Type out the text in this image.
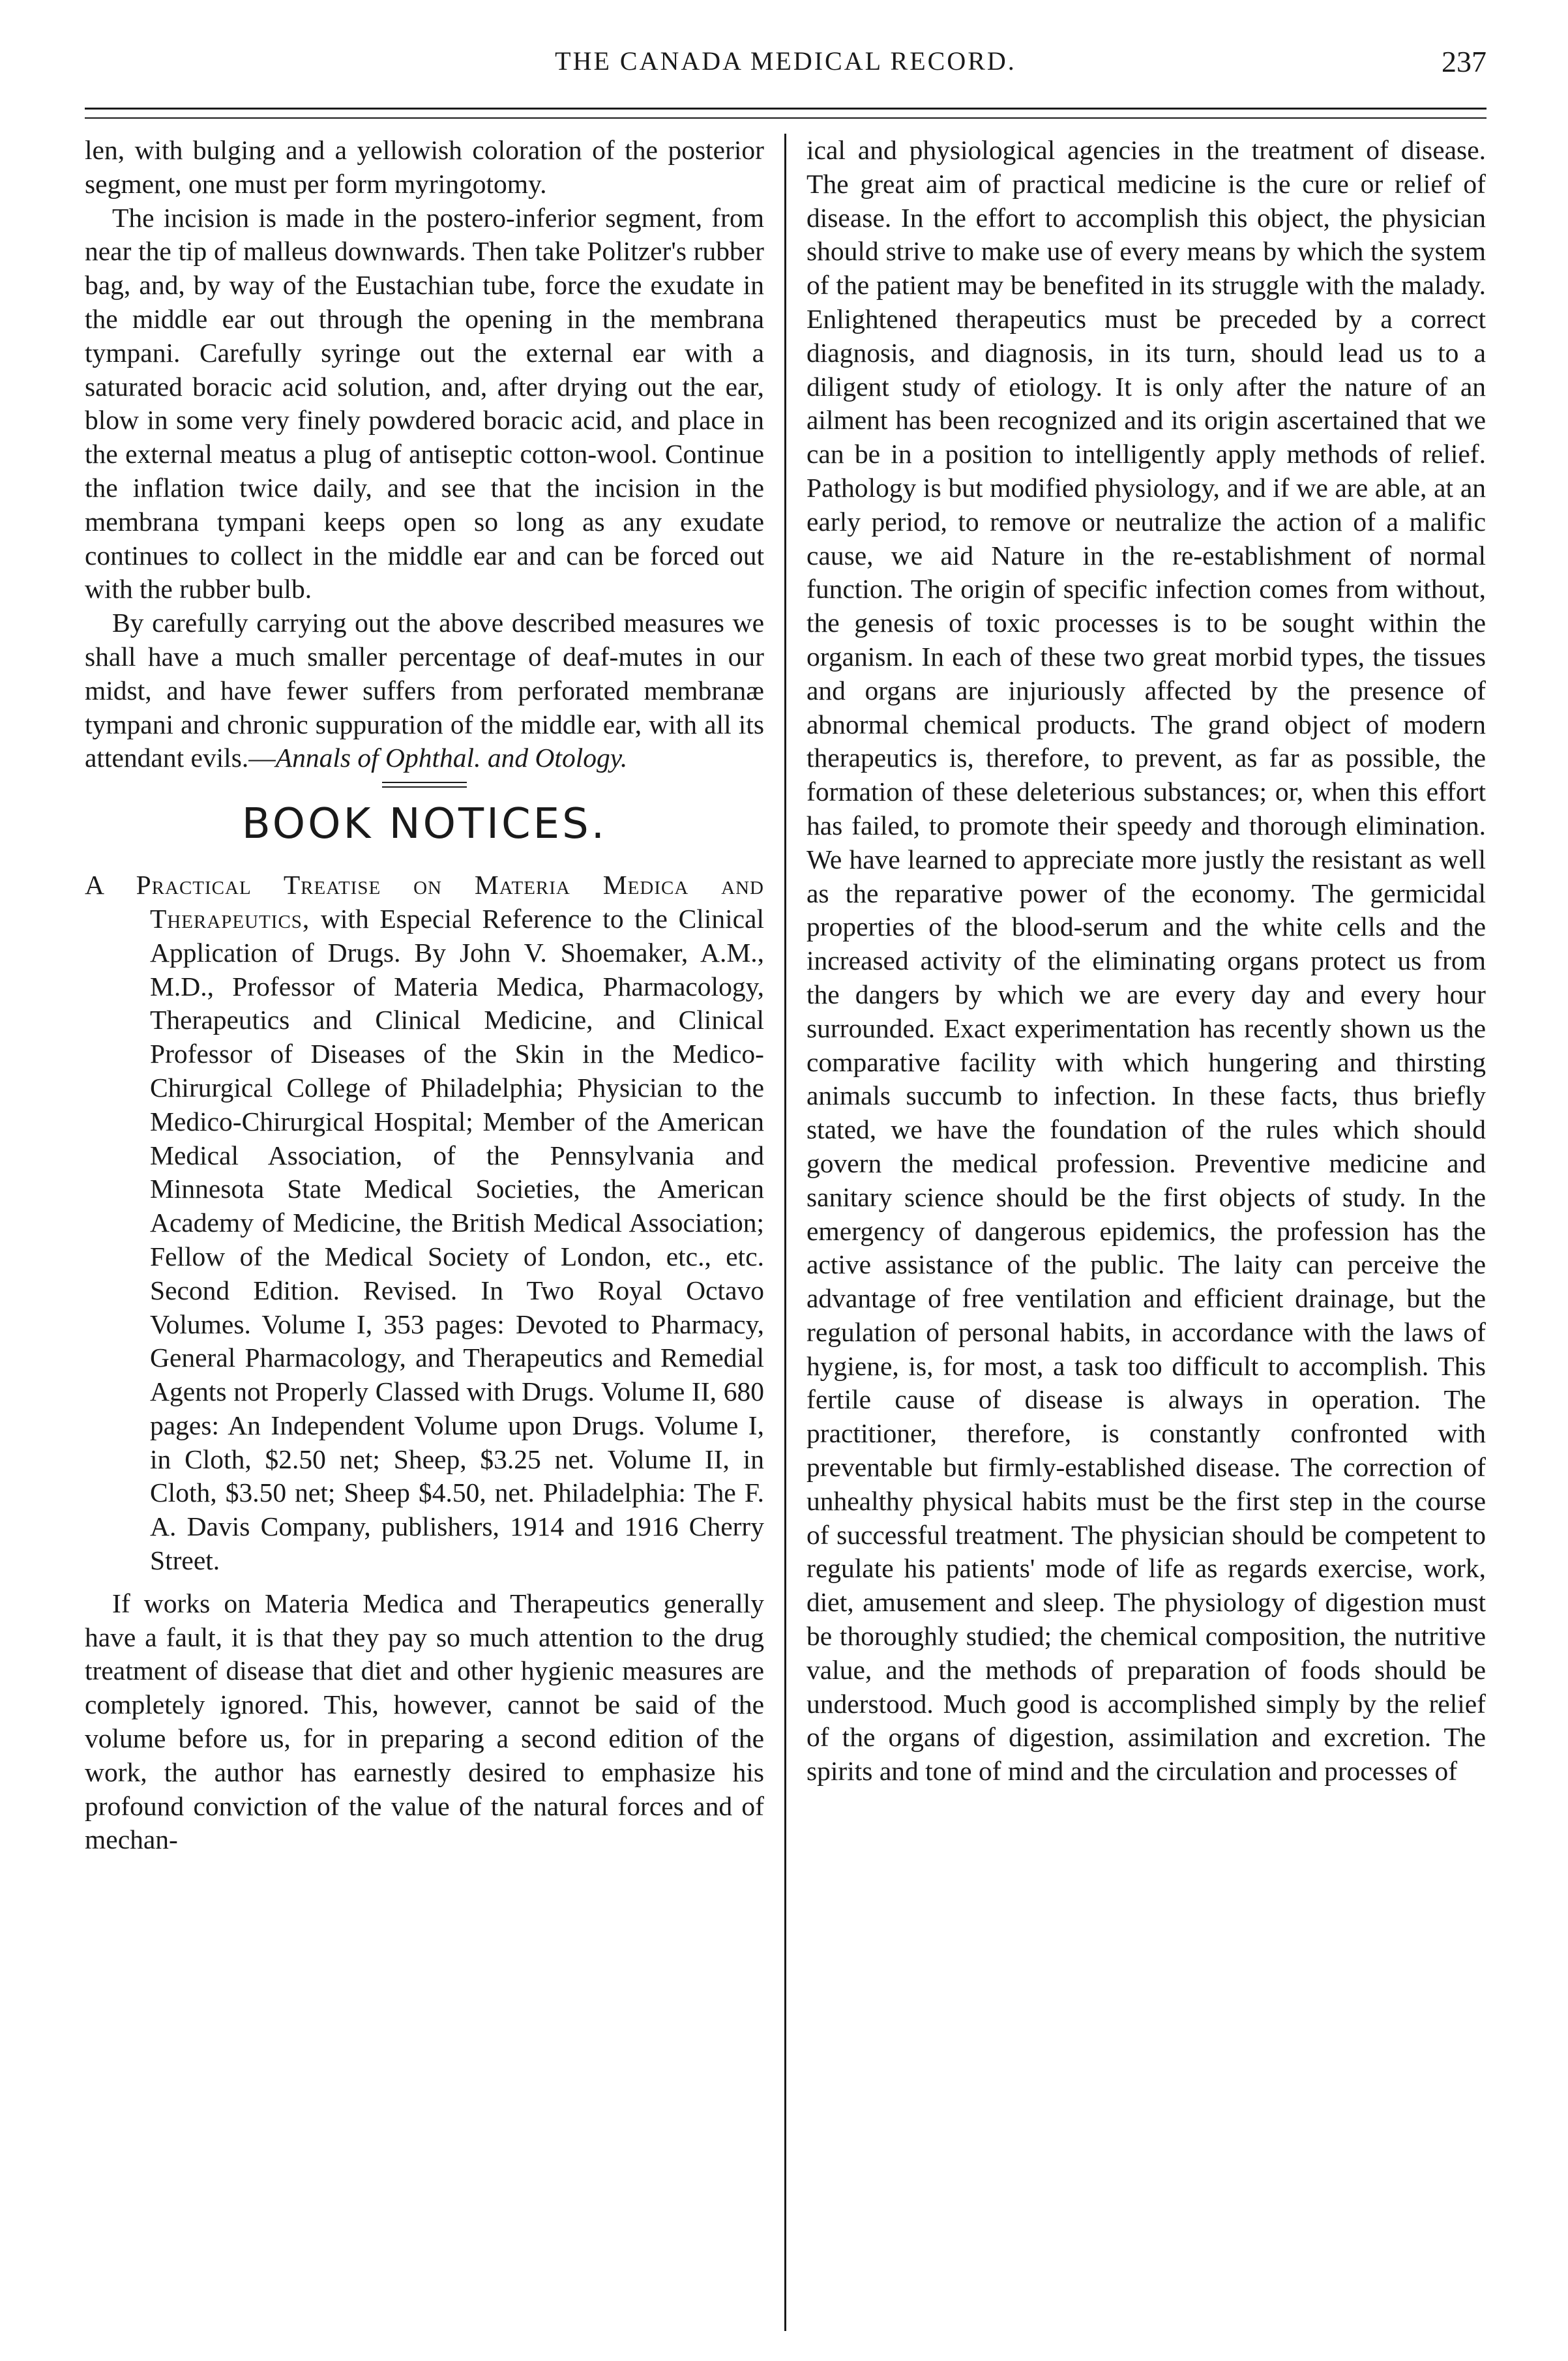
THE CANADA MEDICAL RECORD.	237

len, with bulging and a yellowish coloration of the posterior segment, one must per form myringotomy.

The incision is made in the postero-inferior segment, from near the tip of malleus downwards. Then take Politzer's rubber bag, and, by way of the Eustachian tube, force the exudate in the middle ear out through the opening in the membrana tympani. Carefully syringe out the external ear with a saturated boracic acid solution, and, after drying out the ear, blow in some very finely powdered boracic acid, and place in the external meatus a plug of antiseptic cotton-wool. Continue the inflation twice daily, and see that the incision in the membrana tympani keeps open so long as any exudate continues to collect in the middle ear and can be forced out with the rubber bulb.

By carefully carrying out the above described measures we shall have a much smaller percentage of deaf-mutes in our midst, and have fewer suffers from perforated membranæ tympani and chronic suppuration of the middle ear, with all its attendant evils.—Annals of Ophthal. and Otology.

BOOK NOTICES.

A Practical Treatise on Materia Medica and Therapeutics, with Especial Reference to the Clinical Application of Drugs. By John V. Shoemaker, A.M., M.D., Professor of Materia Medica, Pharmacology, Therapeutics and Clinical Medicine, and Clinical Professor of Diseases of the Skin in the Medico-Chirurgical College of Philadelphia; Physician to the Medico-Chirurgical Hospital; Member of the American Medical Association, of the Pennsylvania and Minnesota State Medical Societies, the American Academy of Medicine, the British Medical Association; Fellow of the Medical Society of London, etc., etc. Second Edition. Revised. In Two Royal Octavo Volumes. Volume I, 353 pages: Devoted to Pharmacy, General Pharmacology, and Therapeutics and Remedial Agents not Properly Classed with Drugs. Volume II, 680 pages: An Independent Volume upon Drugs. Volume I, in Cloth, $2.50 net; Sheep, $3.25 net. Volume II, in Cloth, $3.50 net; Sheep $4.50, net. Philadelphia: The F. A. Davis Company, publishers, 1914 and 1916 Cherry Street.

If works on Materia Medica and Therapeutics generally have a fault, it is that they pay so much attention to the drug treatment of disease that diet and other hygienic measures are completely ignored. This, however, cannot be said of the volume before us, for in preparing a second edition of the work, the author has earnestly desired to emphasize his profound conviction of the value of the natural forces and of mechan-

ical and physiological agencies in the treatment of disease. The great aim of practical medicine is the cure or relief of disease. In the effort to accomplish this object, the physician should strive to make use of every means by which the system of the patient may be benefited in its struggle with the malady. Enlightened therapeutics must be preceded by a correct diagnosis, and diagnosis, in its turn, should lead us to a diligent study of etiology. It is only after the nature of an ailment has been recognized and its origin ascertained that we can be in a position to intelligently apply methods of relief. Pathology is but modified physiology, and if we are able, at an early period, to remove or neutralize the action of a malific cause, we aid Nature in the re-establishment of normal function. The origin of specific infection comes from without, the genesis of toxic processes is to be sought within the organism. In each of these two great morbid types, the tissues and organs are injuriously affected by the presence of abnormal chemical products. The grand object of modern therapeutics is, therefore, to prevent, as far as possible, the formation of these deleterious substances; or, when this effort has failed, to promote their speedy and thorough elimination. We have learned to appreciate more justly the resistant as well as the reparative power of the economy. The germicidal properties of the blood-serum and the white cells and the increased activity of the eliminating organs protect us from the dangers by which we are every day and every hour surrounded. Exact experimentation has recently shown us the comparative facility with which hungering and thirsting animals succumb to infection. In these facts, thus briefly stated, we have the foundation of the rules which should govern the medical profession. Preventive medicine and sanitary science should be the first objects of study. In the emergency of dangerous epidemics, the profession has the active assistance of the public. The laity can perceive the advantage of free ventilation and efficient drainage, but the regulation of personal habits, in accordance with the laws of hygiene, is, for most, a task too difficult to accomplish. This fertile cause of disease is always in operation. The practitioner, therefore, is constantly confronted with preventable but firmly-established disease. The correction of unhealthy physical habits must be the first step in the course of successful treatment. The physician should be competent to regulate his patients' mode of life as regards exercise, work, diet, amusement and sleep. The physiology of digestion must be thoroughly studied; the chemical composition, the nutritive value, and the methods of preparation of foods should be understood. Much good is accomplished simply by the relief of the organs of digestion, assimilation and excretion. The spirits and tone of mind and the circulation and processes of
